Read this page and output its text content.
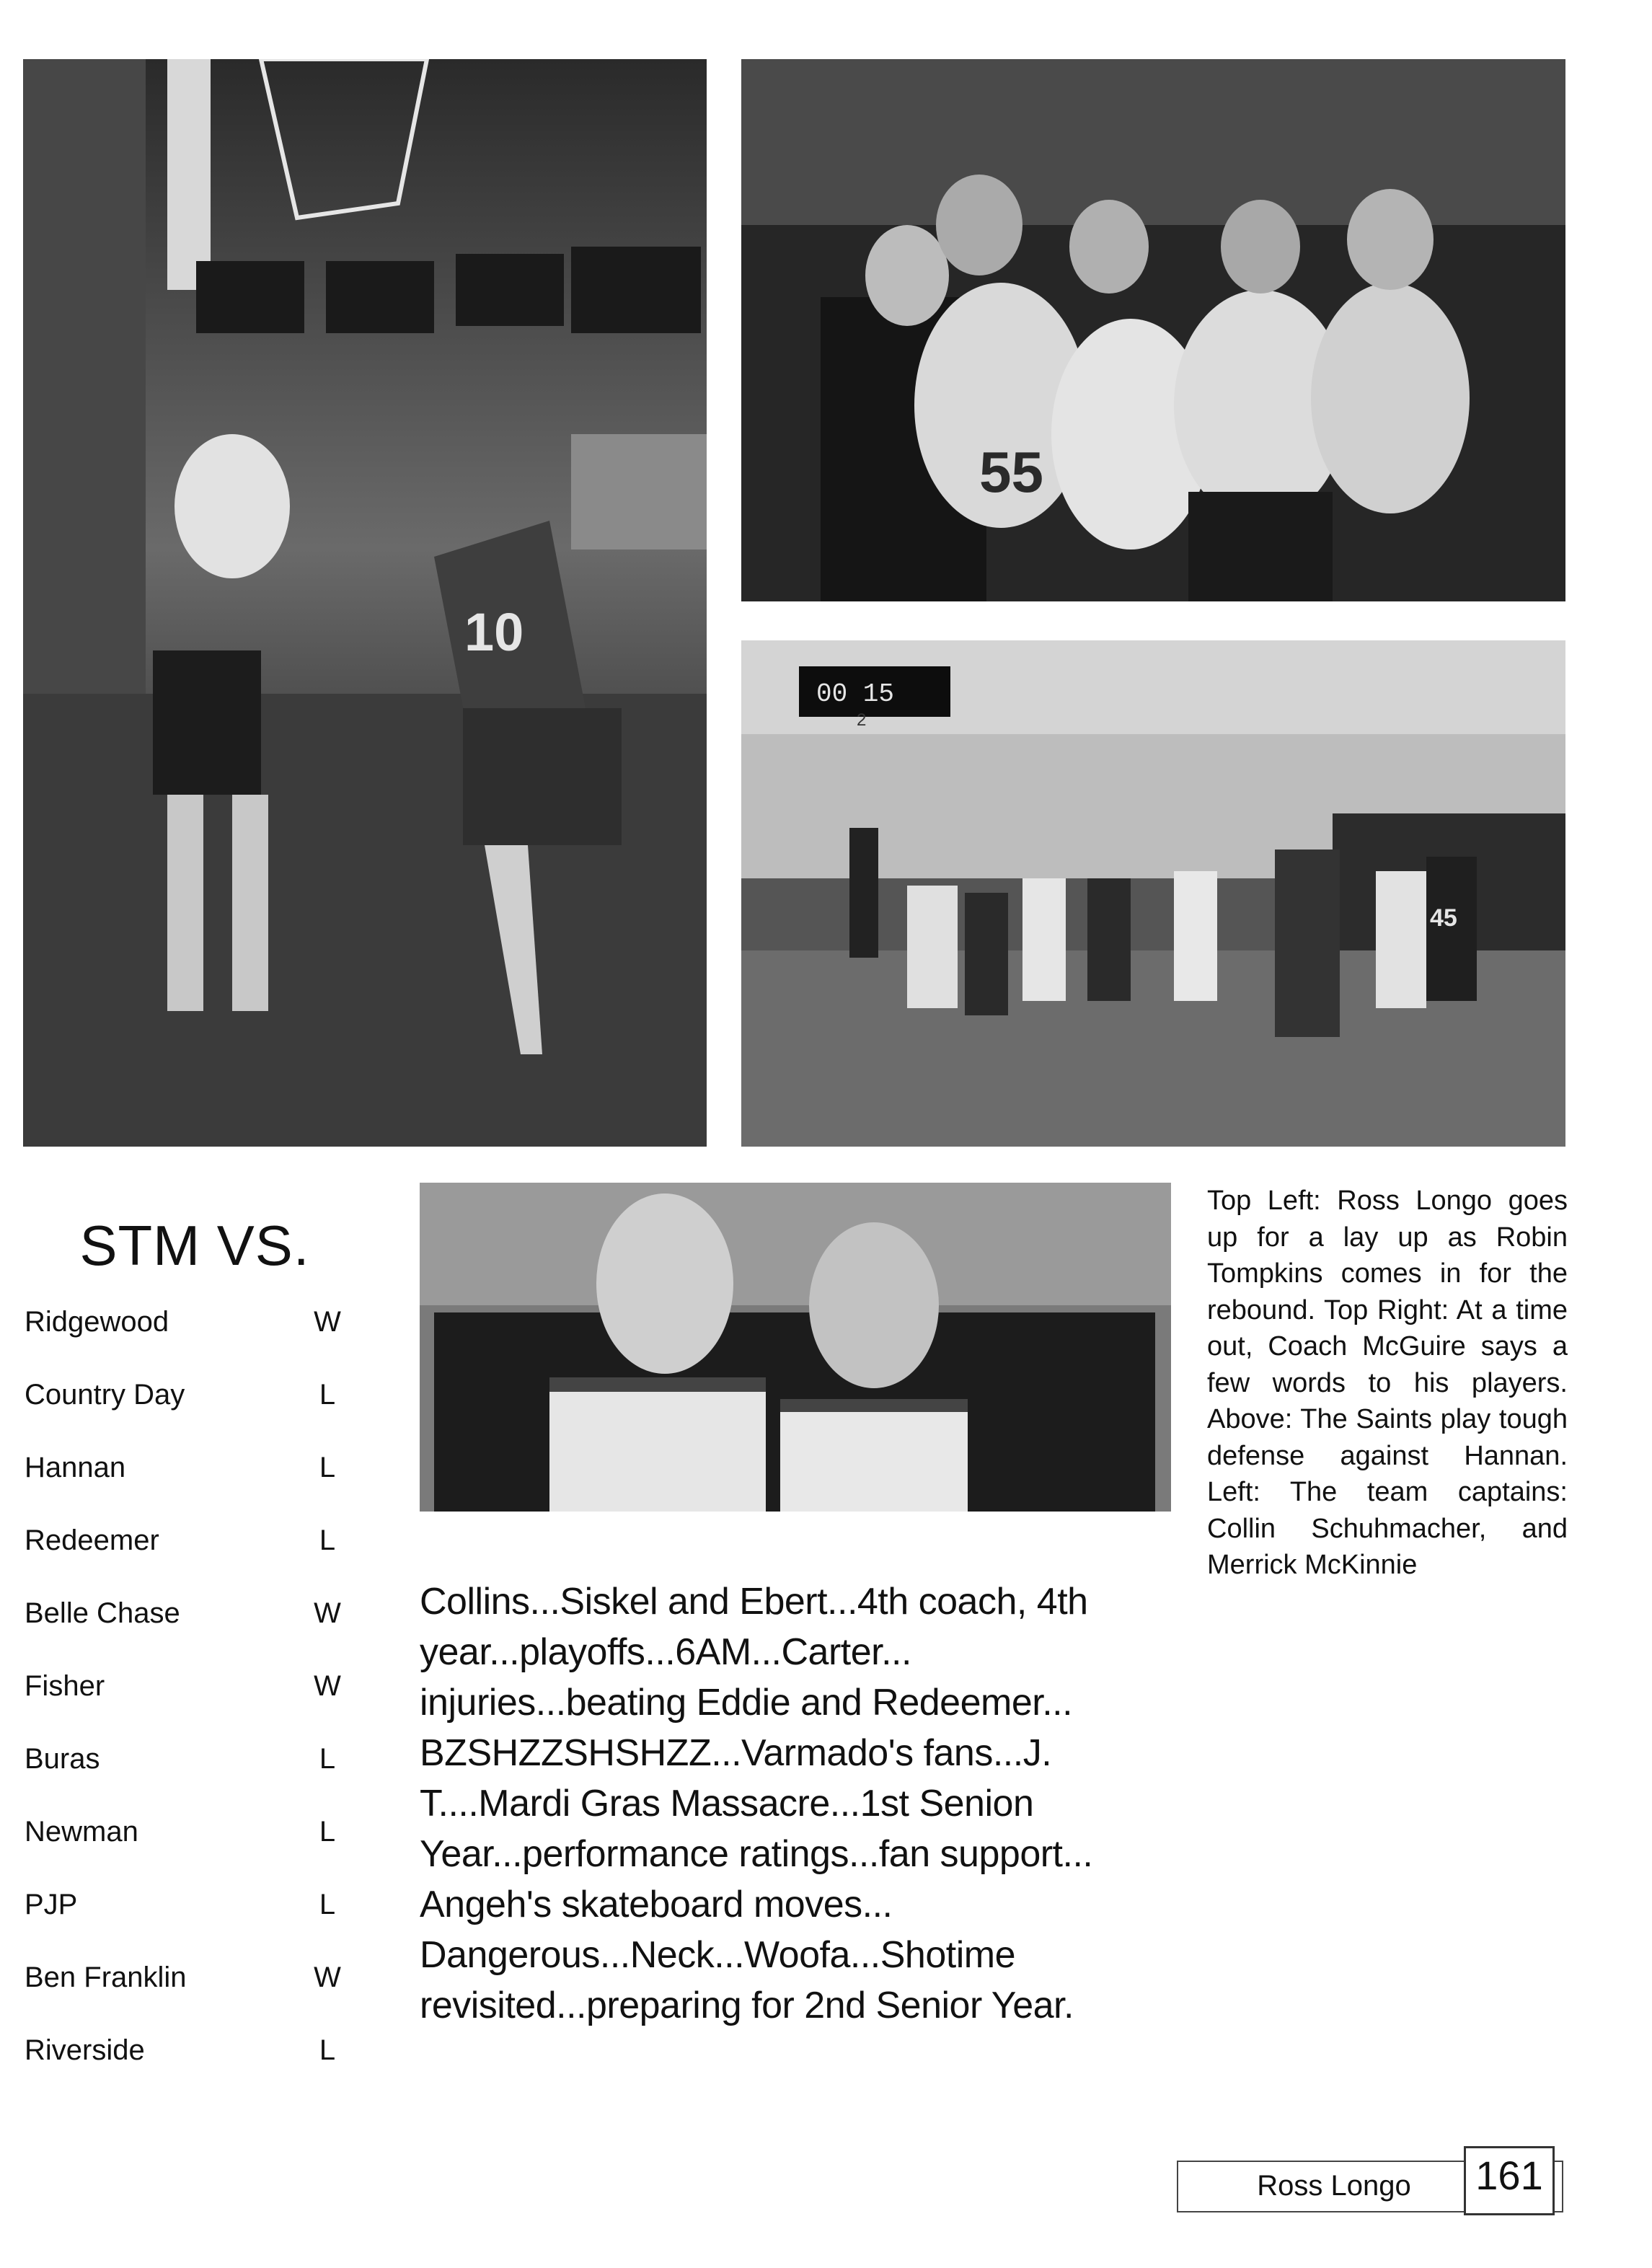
10
55
00 15
2
45
STM VS.
Ridgewood	W
Country Day	L
Hannan	L
Redeemer	L
Belle Chase	W
Fisher	W
Buras	L
Newman	L
PJP	L
Ben Franklin	W
Riverside	L
Collins...Siskel and Ebert...4th coach, 4th year...playoffs...6AM...Carter... injuries...beating Eddie and Redeemer... BZSHZZSHSHZZ...Varmado's fans...J. T....Mardi Gras Massacre...1st Senion Year...performance ratings...fan support... Angeh's skateboard moves... Dangerous...Neck...Woofa...Shotime revisited...preparing for 2nd Senior Year.
Top Left: Ross Longo goes up for a lay up as Robin Tompkins comes in for the rebound. Top Right: At a time out, Coach McGuire says a few words to his players. Above: The Saints play tough defense against Hannan. Left: The team captains: Collin Schuhmacher, and Merrick McKinnie
Ross Longo	161
